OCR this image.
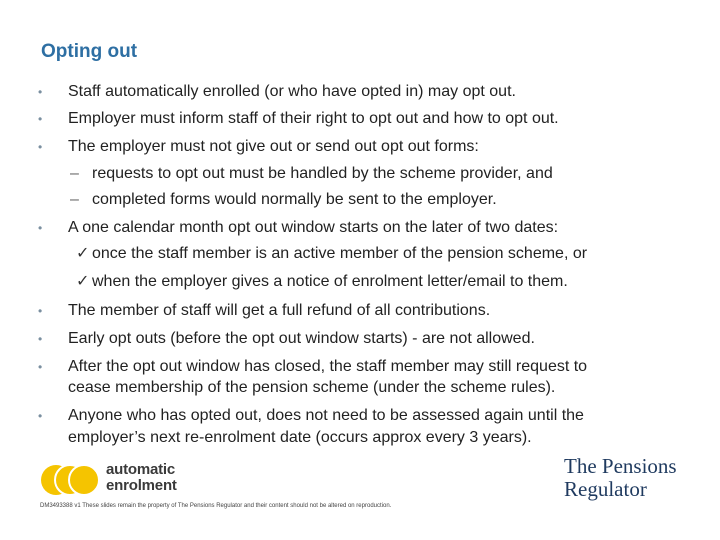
Opting out
•	Staff automatically enrolled (or who have opted in) may opt out.
•	Employer must inform staff of their right to opt out and how to opt out.
•	The employer must not give out or send out opt out forms:
– requests to opt out must be handled by the scheme provider, and
– completed forms would normally be sent to the employer.
•	A one calendar month opt out window starts on the later of two dates:
✓ once the staff member is an active member of the pension scheme, or
✓ when the employer gives a notice of enrolment letter/email to them.
•	The member of staff will get a full refund of all contributions.
•	Early opt outs (before the opt out window starts) - are not allowed.
•	After the opt out window has closed, the staff member may still request to
cease membership of the pension scheme (under the scheme rules).
•	Anyone who has opted out, does not need to be assessed again until the
employer’s next re-enrolment date (occurs approx every 3 years).
automatic
enrolment
The Pensions
Regulator
DM3493388 v1 These slides remain the property of The Pensions Regulator and their content should not be altered on reproduction.
